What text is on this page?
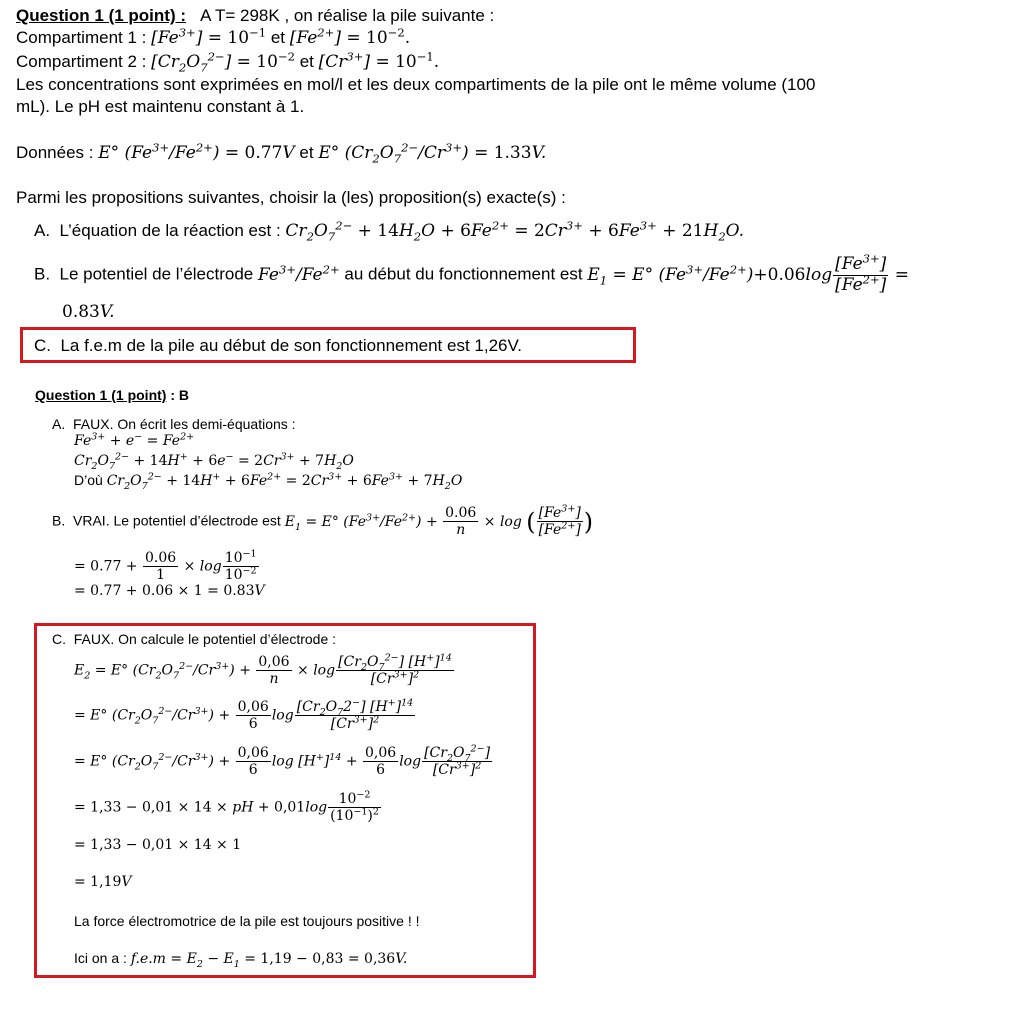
Question 1 (1 point) : A T= 298K , on réalise la pile suivante :
Compartiment 1 : $[Fe^{3+}] = 10^{-1}$ et $[Fe^{2+}] = 10^{-2}$.
Compartiment 2 : $[Cr_2O_7^{2-}] = 10^{-2}$ et $[Cr^{3+}] = 10^{-1}$.
Les concentrations sont exprimées en mol/l et les deux compartiments de la pile ont le même volume (100
mL). Le pH est maintenu constant à 1.
Données : E° $(Fe^{3+}/Fe^{2+}) = 0.77V$ et E° $(Cr_2O_7^{2-}/Cr^{3+}) = 1.33V$.
Parmi les propositions suivantes, choisir la (les) proposition(s) exacte(s) :
A. L’équation de la réaction est : $Cr_2O_7^{2-} + 14H_2O + 6Fe^{2+} = 2Cr^{3+} + 6Fe^{3+} + 21H_2O$.
B. Le potentiel de l’électrode $Fe^{3+}/Fe^{2+}$ au début du fonctionnement est $E_1 = E^\circ$ $(Fe^{3+}/Fe^{2+})+0.06\log \frac{[Fe^{3+}]}{[Fe^{2+}]}$ =
0.83V.
C. La f.e.m de la pile au début de son fonctionnement est 1,26V.
Question 1 (1 point) : B
A. FAUX. On écrit les demi-équations :
$Fe^{3+} + e^- = Fe^{2+}$
$Cr_2O_7^{2-} + 14H^+ + 6e^- = 2Cr^{3+} + 7H_2O$
D’où $Cr_2O_7^{2-} + 14H^+ + 6Fe^{2+} = 2Cr^{3+} + 6Fe^{3+} + 7H_2O$
B. VRAI. Le potentiel d’électrode est $E_1 = E^\circ$ $(Fe^{3+}/Fe^{2+}) + \frac{0.06}{n} \times \log$ ( $\frac{[Fe^{3+}]}{[Fe^{2+}]}$ )
= $0.77 + \frac{0.06}{1} \times \log \frac{10^{-1}}{10^{-2}}$
= 0.77 + 0.06 × 1 = 0.83V
C. FAUX. On calcule le potentiel d’électrode :
$E_2 = E^\circ$ $(Cr_2O_7^{2-}/Cr^{3+}) + \frac{0,06}{n} \times \log \frac{[Cr_2O_7^{2-}] [H^+]^{14}}{[Cr^{3+}]^2}$
= E° $(Cr_2O_7^{2-}/Cr^{3+}) + \frac{0,06}{6}$ $\log \frac{[Cr_2O_72^-] [H^+]^{14}}{[Cr^{3+}]^2}$
= E° $(Cr_2O_7^{2-}/Cr^{3+}) + \frac{0,06}{6}$ $\log [H^+]^{14} + \frac{0,06}{6}$ $\log \frac{[Cr_2O_7^{2-}]}{[Cr^{3+}]^2}$
= 1,33 − 0,01 × 14 × pH + $0,01\log \frac{10^{-2}}{(10^{-1})^2}$
= 1,33 − 0,01 × 14 × 1
= 1,19V
La force électromotrice de la pile est toujours positive ! !
Ici on a : $f.e.m = E_2 - E_1 = 1,19 - 0,83 = 0,36V$.
